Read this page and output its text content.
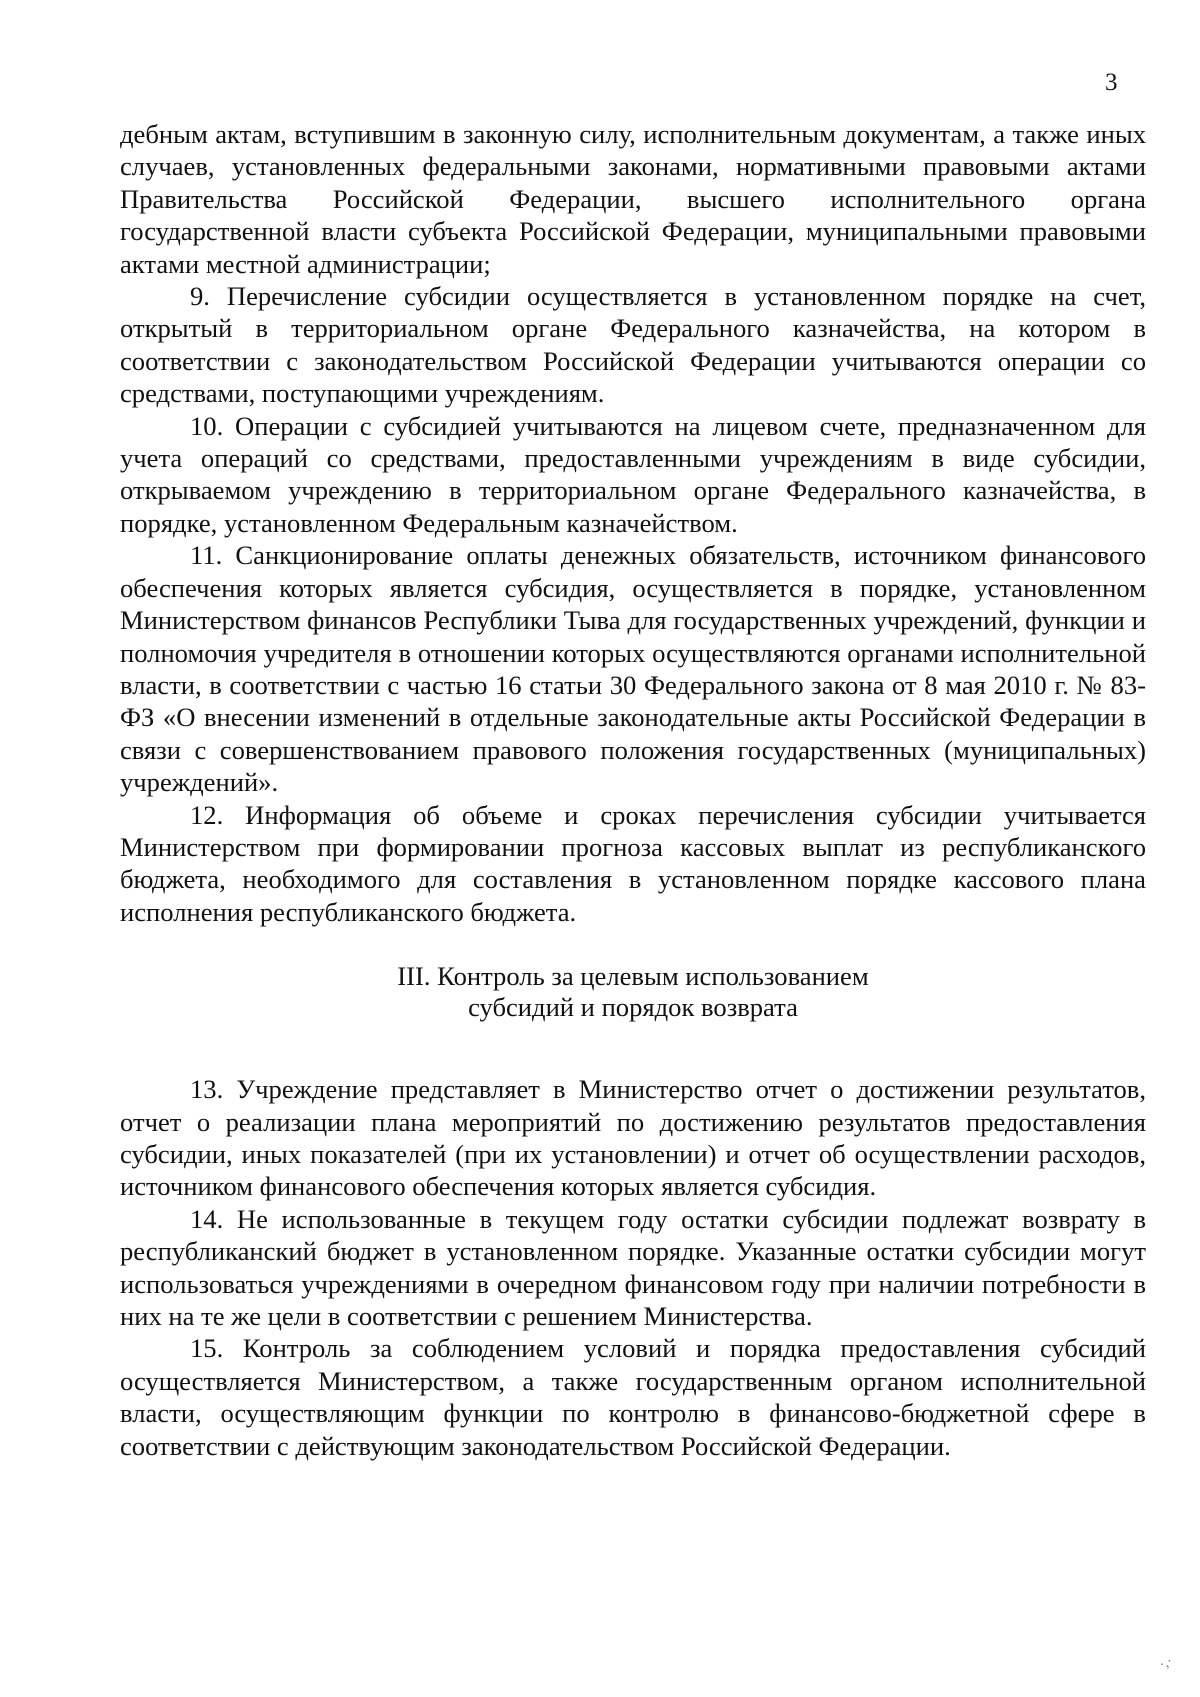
3

дебным актам, вступившим в законную силу, исполнительным документам, а также иных случаев, установленных федеральными законами, нормативными правовыми актами Правительства Российской Федерации, высшего исполнительного органа государственной власти субъекта Российской Федерации, муниципальными правовыми актами местной администрации;

9. Перечисление субсидии осуществляется в установленном порядке на счет, открытый в территориальном органе Федерального казначейства, на котором в соответствии с законодательством Российской Федерации учитываются операции со средствами, поступающими учреждениям.

10. Операции с субсидией учитываются на лицевом счете, предназначенном для учета операций со средствами, предоставленными учреждениям в виде субсидии, открываемом учреждению в территориальном органе Федерального казначейства, в порядке, установленном Федеральным казначейством.

11. Санкционирование оплаты денежных обязательств, источником финансового обеспечения которых является субсидия, осуществляется в порядке, установленном Министерством финансов Республики Тыва для государственных учреждений, функции и полномочия учредителя в отношении которых осуществляются органами исполнительной власти, в соответствии с частью 16 статьи 30 Федерального закона от 8 мая 2010 г. № 83-ФЗ «О внесении изменений в отдельные законодательные акты Российской Федерации в связи с совершенствованием правового положения государственных (муниципальных) учреждений».

12. Информация об объеме и сроках перечисления субсидии учитывается Министерством при формировании прогноза кассовых выплат из республиканского бюджета, необходимого для составления в установленном порядке кассового плана исполнения республиканского бюджета.

III. Контроль за целевым использованием
субсидий и порядок возврата

13. Учреждение представляет в Министерство отчет о достижении результатов, отчет о реализации плана мероприятий по достижению результатов предоставления субсидии, иных показателей (при их установлении) и отчет об осуществлении расходов, источником финансового обеспечения которых является субсидия.

14. Не использованные в текущем году остатки субсидии подлежат возврату в республиканский бюджет в установленном порядке. Указанные остатки субсидии могут использоваться учреждениями в очередном финансовом году при наличии потребности в них на те же цели в соответствии с решением Министерства.

15. Контроль за соблюдением условий и порядка предоставления субсидий осуществляется Министерством, а также государственным органом исполнительной власти, осуществляющим функции по контролю в финансово-бюджетной сфере в соответствии с действующим законодательством Российской Федерации.

·,·
